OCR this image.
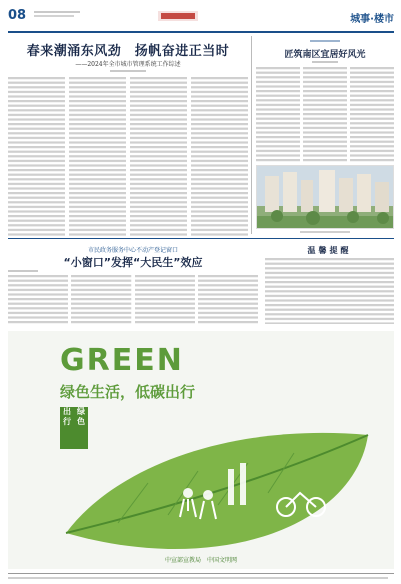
08	城事·楼市
春来潮涌东风劲　扬帆奋进正当时
——2024年全市城市管理系统工作综述
匠筑南区宜居好风光
市民政务服务中心不动产登记窗口
“小窗口”发挥“大民生”效应
温馨提醒
GREEN
绿色生活，低碳出行
出
行
绿
色
中宣部宣教局　中国文明网
